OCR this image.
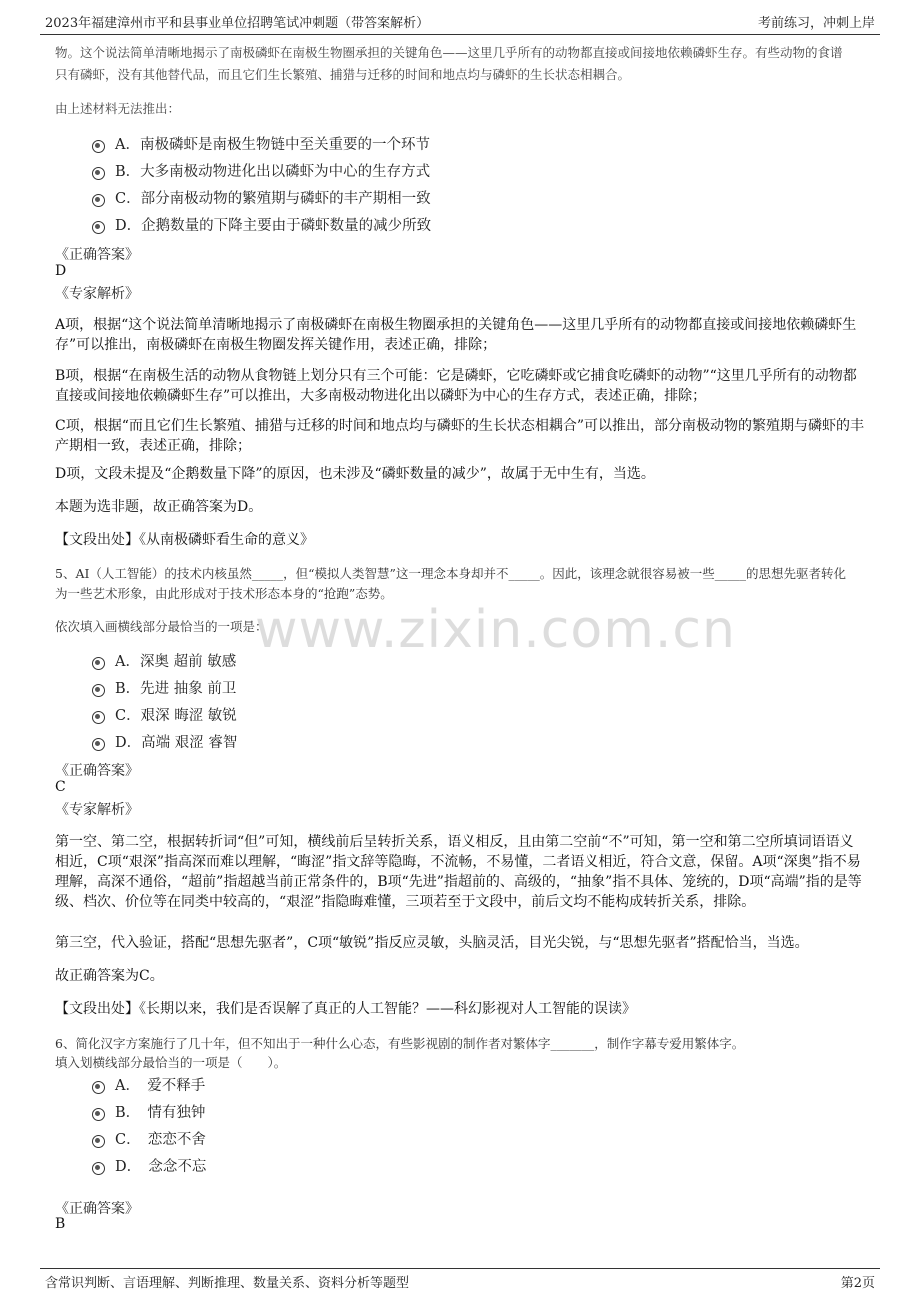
2023年福建漳州市平和县事业单位招聘笔试冲刺题（带答案解析）	考前练习，冲刺上岸
www.zixin.com.cn
物。这个说法简单清晰地揭示了南极磷虾在南极生物圈承担的关键角色——这里几乎所有的动物都直接或间接地依赖磷虾生存。有些动物的食谱
只有磷虾，没有其他替代品，而且它们生长繁殖、捕猎与迁移的时间和地点均与磷虾的生长状态相耦合。
由上述材料无法推出：
A．南极磷虾是南极生物链中至关重要的一个环节
B．大多南极动物进化出以磷虾为中心的生存方式
C．部分南极动物的繁殖期与磷虾的丰产期相一致
D．企鹅数量的下降主要由于磷虾数量的减少所致
《正确答案》
D
《专家解析》
A项，根据“这个说法简单清晰地揭示了南极磷虾在南极生物圈承担的关键角色——这里几乎所有的动物都直接或间接地依赖磷虾生存”可以推出，南极磷虾在南极生物圈发挥关键作用，表述正确，排除；
B项，根据“在南极生活的动物从食物链上划分只有三个可能：它是磷虾，它吃磷虾或它捕食吃磷虾的动物”“这里几乎所有的动物都直接或间接地依赖磷虾生存”可以推出，大多南极动物进化出以磷虾为中心的生存方式，表述正确，排除；
C项，根据“而且它们生长繁殖、捕猎与迁移的时间和地点均与磷虾的生长状态相耦合”可以推出，部分南极动物的繁殖期与磷虾的丰产期相一致，表述正确，排除；
D项，文段未提及“企鹅数量下降”的原因，也未涉及“磷虾数量的减少”，故属于无中生有，当选。
本题为选非题，故正确答案为D。
【文段出处】《从南极磷虾看生命的意义》
5、AI（人工智能）的技术内核虽然_____，但“模拟人类智慧”这一理念本身却并不_____。因此，该理念就很容易被一些_____的思想先驱者转化
为一些艺术形象，由此形成对于技术形态本身的“抢跑”态势。
依次填入画横线部分最恰当的一项是：
A．深奥 超前 敏感
B．先进 抽象 前卫
C．艰深 晦涩 敏锐
D．高端 艰涩 睿智
《正确答案》
C
《专家解析》
第一空、第二空，根据转折词“但”可知，横线前后呈转折关系，语义相反，且由第二空前“不”可知，第一空和第二空所填词语语义相近，C项“艰深”指高深而难以理解，“晦涩”指文辞等隐晦，不流畅，不易懂，二者语义相近，符合文意，保留。A项“深奥”指不易理解，高深不通俗，“超前”指超越当前正常条件的，B项“先进”指超前的、高级的，“抽象”指不具体、笼统的，D项“高端”指的是等级、档次、价位等在同类中较高的，“艰涩”指隐晦难懂，三项若至于文段中，前后文均不能构成转折关系，排除。
第三空，代入验证，搭配“思想先驱者”，C项“敏锐”指反应灵敏，头脑灵活，目光尖锐，与“思想先驱者”搭配恰当，当选。
故正确答案为C。
【文段出处】《长期以来，我们是否误解了真正的人工智能？——科幻影视对人工智能的误读》
6、简化汉字方案施行了几十年，但不知出于一种什么心态，有些影视剧的制作者对繁体字_______，制作字幕专爱用繁体字。
填入划横线部分最恰当的一项是（　　）。
A．　爱不释手
B．　情有独钟
C．　恋恋不舍
D．　念念不忘
《正确答案》
B
含常识判断、言语理解、判断推理、数量关系、资料分析等题型	第2页
